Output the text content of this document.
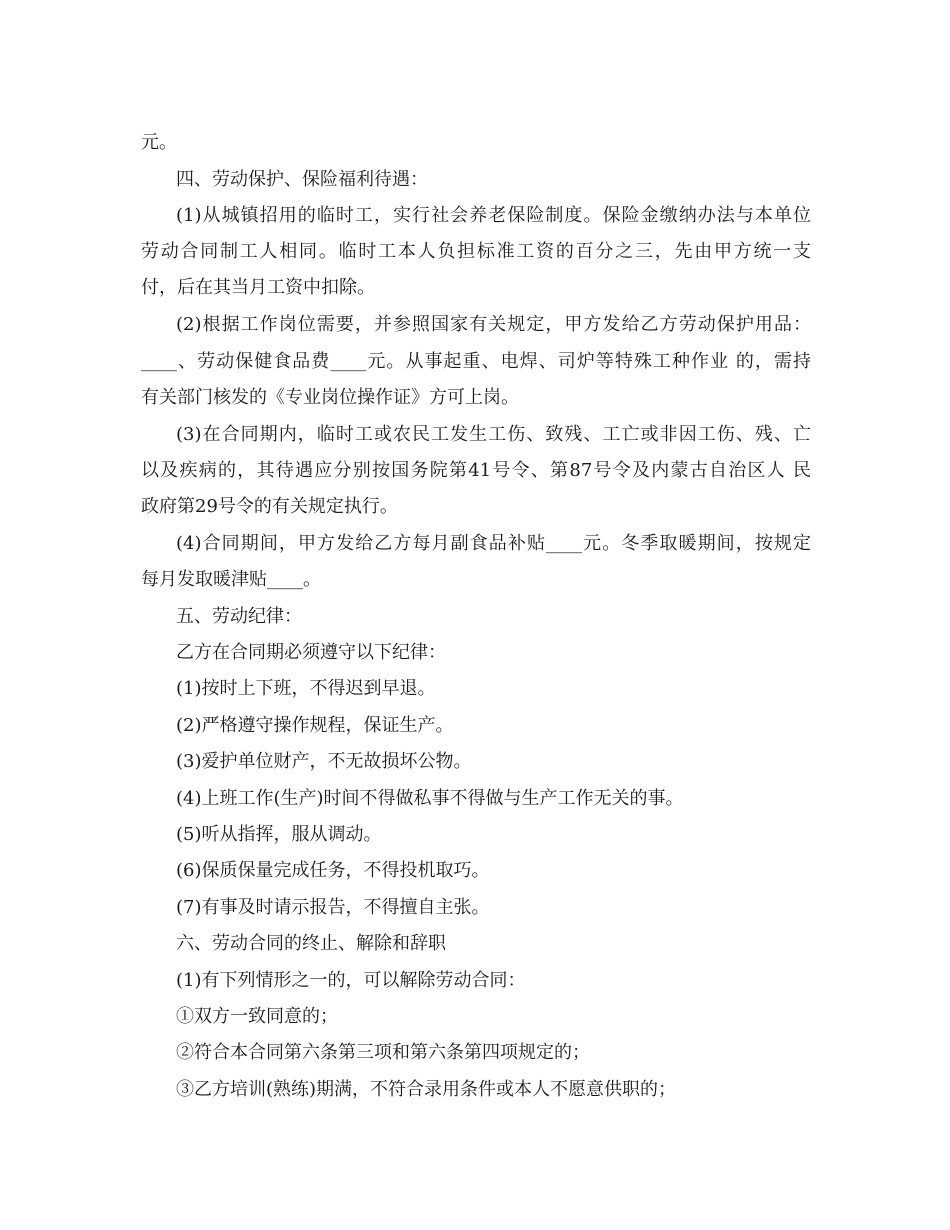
元。
四、劳动保护、保险福利待遇：
(1)从城镇招用的临时工，实行社会养老保险制度。保险金缴纳办法与本单位
劳动合同制工人相同。临时工本人负担标准工资的百分之三，先由甲方统一支
付，后在其当月工资中扣除。
(2)根据工作岗位需要，并参照国家有关规定，甲方发给乙方劳动保护用品：
____、劳动保健食品费____元。从事起重、电焊、司炉等特殊工种作业 的，需持
有关部门核发的《专业岗位操作证》方可上岗。
(3)在合同期内，临时工或农民工发生工伤、致残、工亡或非因工伤、残、亡
以及疾病的，其待遇应分别按国务院第41号令、第87号令及内蒙古自治区人 民
政府第29号令的有关规定执行。
(4)合同期间，甲方发给乙方每月副食品补贴____元。冬季取暖期间，按规定
每月发取暖津贴____。
五、劳动纪律：
乙方在合同期必须遵守以下纪律：
(1)按时上下班，不得迟到早退。
(2)严格遵守操作规程，保证生产。
(3)爱护单位财产，不无故损坏公物。
(4)上班工作(生产)时间不得做私事不得做与生产工作无关的事。
(5)听从指挥，服从调动。
(6)保质保量完成任务，不得投机取巧。
(7)有事及时请示报告，不得擅自主张。
六、劳动合同的终止、解除和辞职
(1)有下列情形之一的，可以解除劳动合同：
①双方一致同意的；
②符合本合同第六条第三项和第六条第四项规定的；
③乙方培训(熟练)期满，不符合录用条件或本人不愿意供职的；
